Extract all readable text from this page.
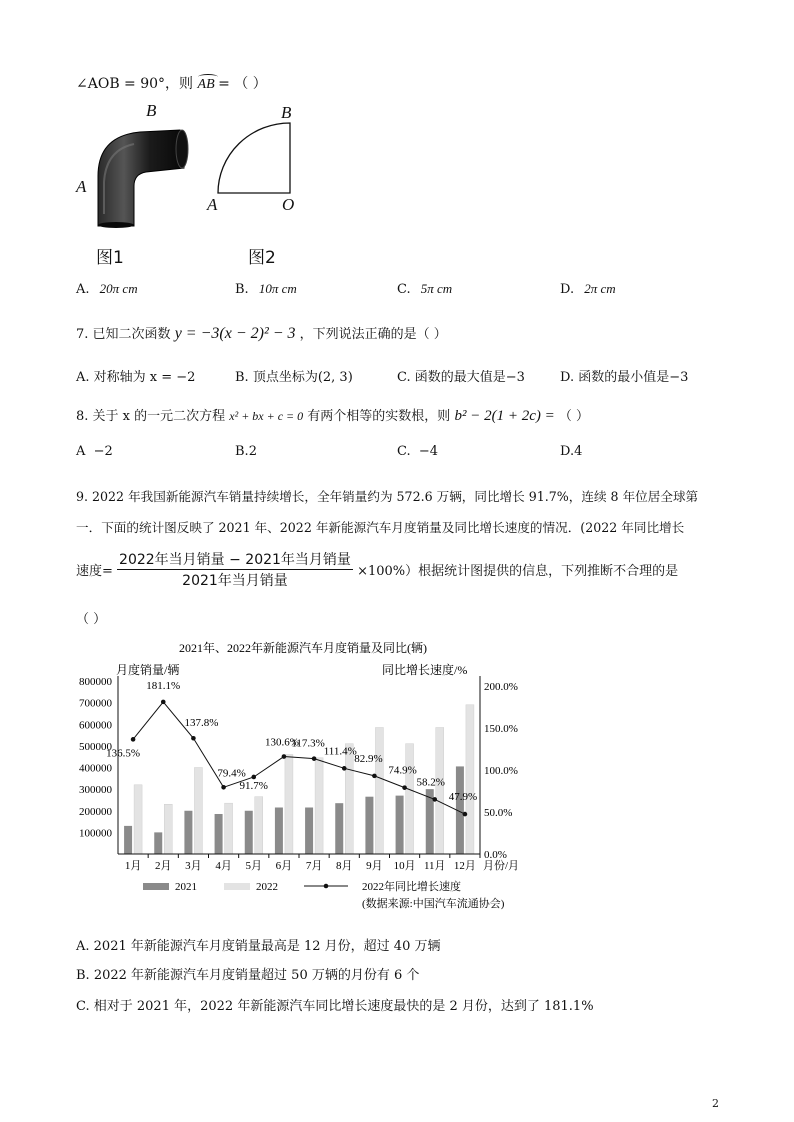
∠AOB = 90°，则 AB = （ ）
B
A
图1
B
A	O
图2
A. 20π cm	B. 10π cm	C. 5π cm	D. 2π cm
7. 已知二次函数 y = −3(x − 2)² − 3 ，下列说法正确的是（ ）
A. 对称轴为 x = −2	B. 顶点坐标为(2, 3)	C. 函数的最大值是−3	D. 函数的最小值是−3
8. 关于 x 的一元二次方程 x² + bx + c = 0 有两个相等的实数根，则 b² − 2(1 + 2c) = （ ）
A −2	B.2	C. −4	D.4
9. 2022 年我国新能源汽车销量持续增长，全年销量约为 572.6 万辆，同比增长 91.7%，连续 8 年位居全球第
一．下面的统计图反映了 2021 年、2022 年新能源汽车月度销量及同比增长速度的情况．(2022 年同比增长
速度= $\frac{\text{2022年当月销量 − 2021年当月销量}}{\text{2021年当月销量}} \times 100\%$）根据统计图提供的信息，下列推断不合理的是
（ ）
2021年、2022年新能源汽车月度销量及同比(辆)
月度销量/辆	同比增长速度/%
800000
700000
600000
500000
400000
300000
200000
100000
200.0%
150.0%
100.0%
50.0%
0.0%
136.5%
181.1%
137.8%
79.4%
91.7%
130.6%
117.3%
111.4%
82.9%
74.9%
58.2%
47.9%
1月 2月 3月 4月 5月 6月 7月 8月 9月 10月 11月 12月 月份/月
2021	2022	2022年同比增长速度
(数据来源:中国汽车流通协会)
A. 2021 年新能源汽车月度销量最高是 12 月份，超过 40 万辆
B. 2022 年新能源汽车月度销量超过 50 万辆的月份有 6 个
C. 相对于 2021 年，2022 年新能源汽车同比增长速度最快的是 2 月份，达到了 181.1%
2
